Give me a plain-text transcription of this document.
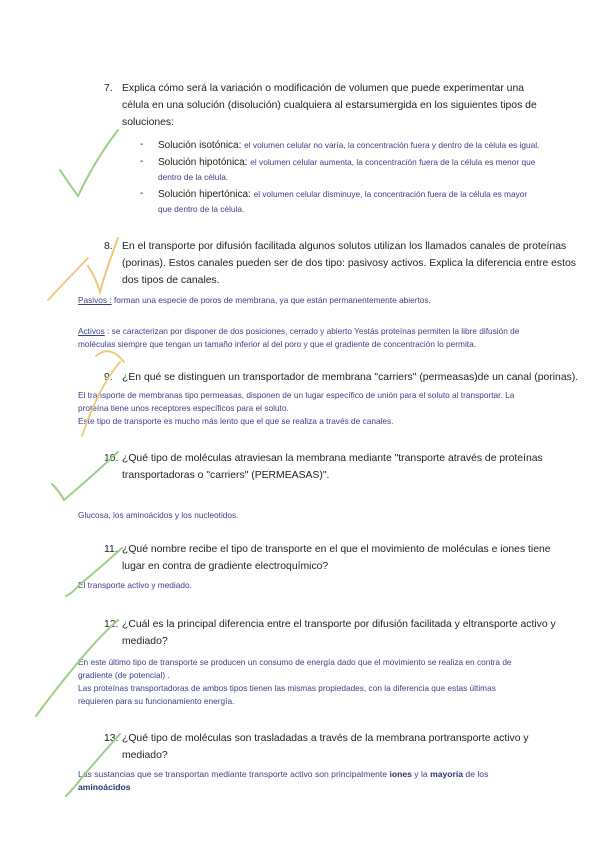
7. Explica cómo será la variación o modificación de volumen que puede experimentar una
célula en una solución (disolución) cualquiera al estarsumergida en los siguientes tipos de
soluciones:
- Solución isotónica: el volumen celular no varía, la concentración fuera y dentro de la célula es igual.
- Solución hipotónica: el volumen celular aumenta, la concentración fuera de la célula es menor que
dentro de la célula.
- Solución hipertónica: el volumen celular disminuye, la concentración fuera de la célula es mayor
que dentro de la célula.
8. En el transporte por difusión facilitada algunos solutos utilizan los llamados canales de proteínas
(porinas). Estos canales pueden ser de dos tipo: pasivosy activos. Explica la diferencia entre estos
dos tipos de canales.
Pasivos : forman una especie de poros de membrana, ya que están permanentemente abiertos.
Activos : se caracterizan por disponer de dos posiciones, cerrado y abierto Yestás proteínas permiten la libre difusión de
moléculas siempre que tengan un tamaño inferior al del poro y que el gradiente de concentración lo permita.
9. ¿En qué se distinguen un transportador de membrana "carriers" (permeasas)de un canal (porinas).
El transporte de membranas tipo permeasas, disponen de un lugar específico de unión para el soluto al transportar. La
proteína tiene unos receptores específicos para el soluto.
Este tipo de transporte es mucho más lento que el que se realiza a través de canales.
10. ¿Qué tipo de moléculas atraviesan la membrana mediante "transporte através de proteínas
transportadoras o "carriers" (PERMEASAS)".
Glucosa, los aminoácidos y los nucleotidos.
11. ¿Qué nombre recibe el tipo de transporte en el que el movimiento de moléculas e iones tiene
lugar en contra de gradiente electroquímico?
El transporte activo y mediado.
12. ¿Cuál es la principal diferencia entre el transporte por difusión facilitada y eltransporte activo y
mediado?
En este último tipo de transporte se producen un consumo de energía dado que el movimiento se realiza en contra de
gradiente (de potencial) .
Las proteínas transportadoras de ambos tipos tienen las mismas propiedades, con la diferencia que estas últimas
requieren para su funcionamiento energía.
13. ¿Qué tipo de moléculas son trasladadas a través de la membrana portransporte activo y
mediado?
Las sustancias que se transportan mediante transporte activo son principalmente iones y la mayoría de los
aminoácidos
